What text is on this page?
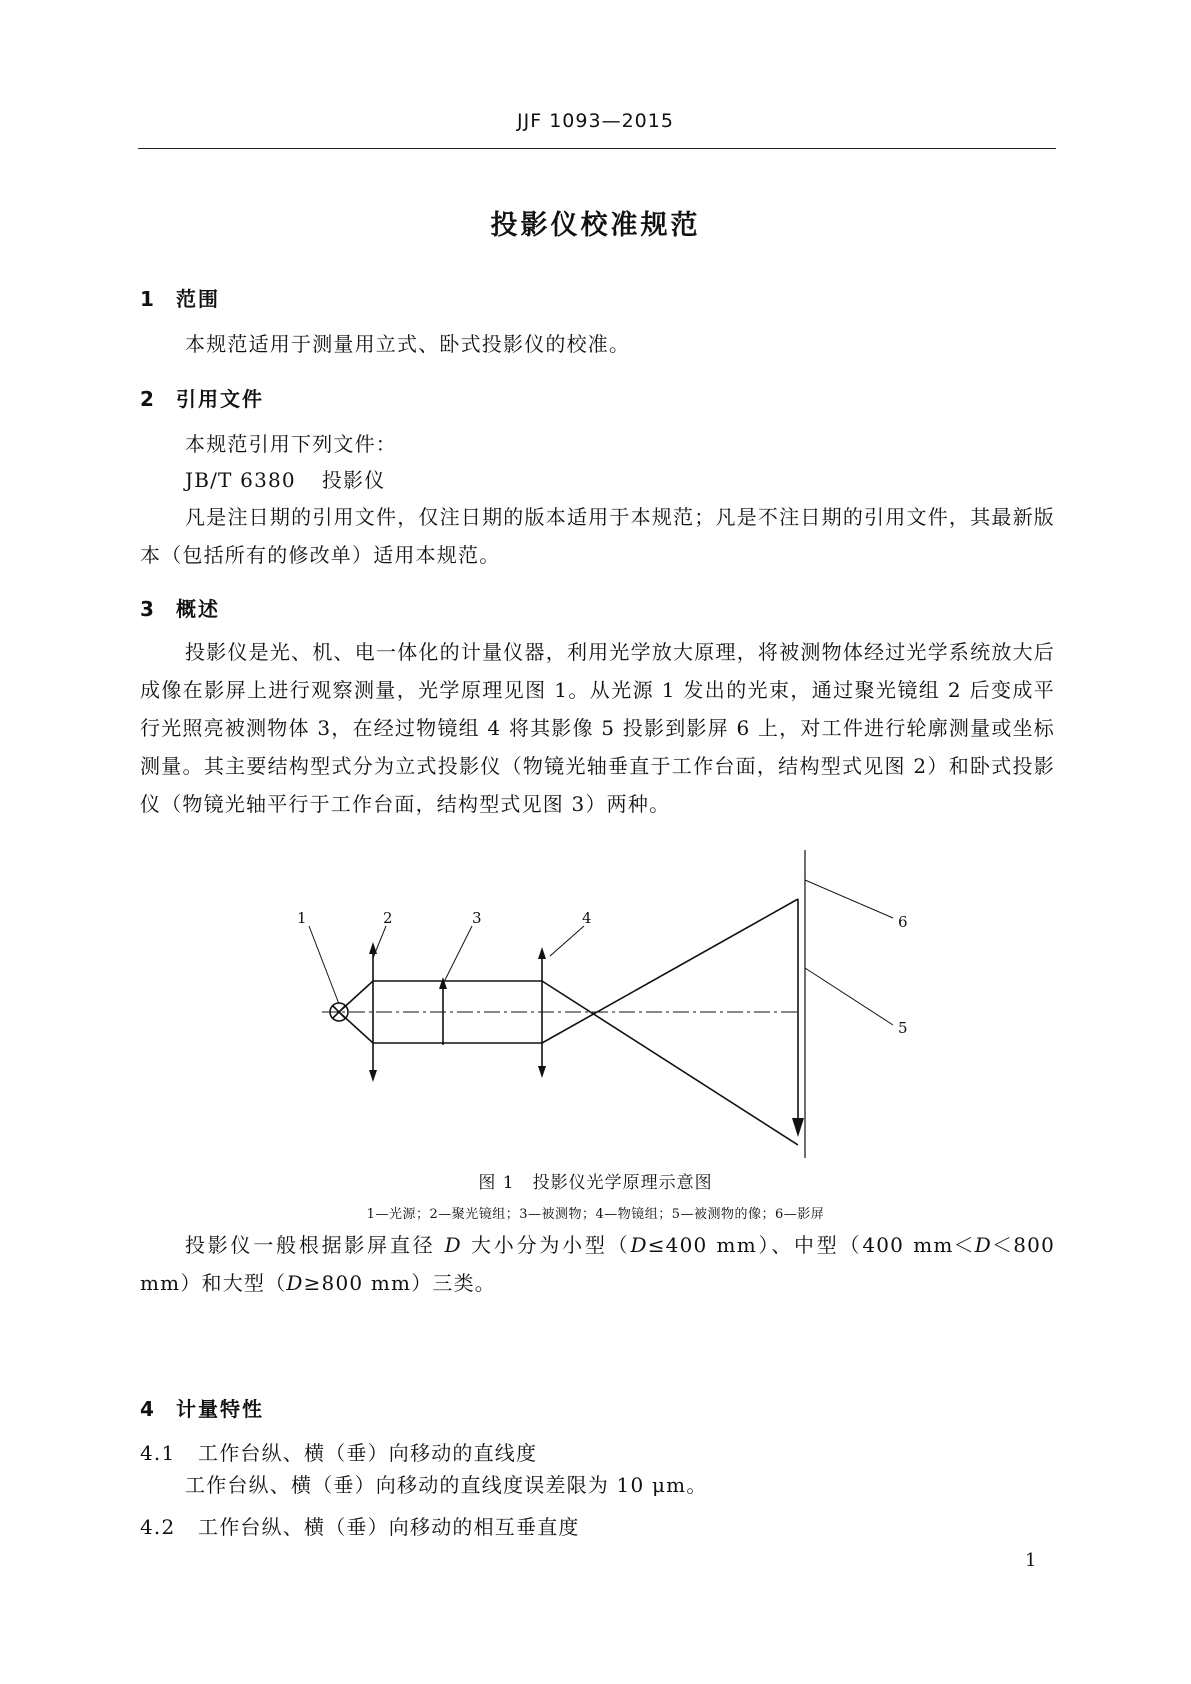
JJF 1093—2015
投影仪校准规范
1 范围
本规范适用于测量用立式、卧式投影仪的校准。
2 引用文件
本规范引用下列文件：
JB/T 6380 投影仪
凡是注日期的引用文件，仅注日期的版本适用于本规范；凡是不注日期的引用文件，其最新版本（包括所有的修改单）适用本规范。
3 概述
投影仪是光、机、电一体化的计量仪器，利用光学放大原理，将被测物体经过光学系统放大后成像在影屏上进行观察测量，光学原理见图 1。从光源 1 发出的光束，通过聚光镜组 2 后变成平行光照亮被测物体 3，在经过物镜组 4 将其影像 5 投影到影屏 6 上，对工件进行轮廓测量或坐标测量。其主要结构型式分为立式投影仪（物镜光轴垂直于工作台面，结构型式见图 2）和卧式投影仪（物镜光轴平行于工作台面，结构型式见图 3）两种。
1	2	3	4
5
6
图 1　投影仪光学原理示意图
1—光源；2—聚光镜组；3—被测物；4—物镜组；5—被测物的像；6—影屏
投影仪一般根据影屏直径 D 大小分为小型（D≤400 mm）、中型（400 mm＜D＜800 mm）和大型（D≥800 mm）三类。
4 计量特性
4.1 工作台纵、横（垂）向移动的直线度
工作台纵、横（垂）向移动的直线度误差限为 10 μm。
4.2 工作台纵、横（垂）向移动的相互垂直度
1
